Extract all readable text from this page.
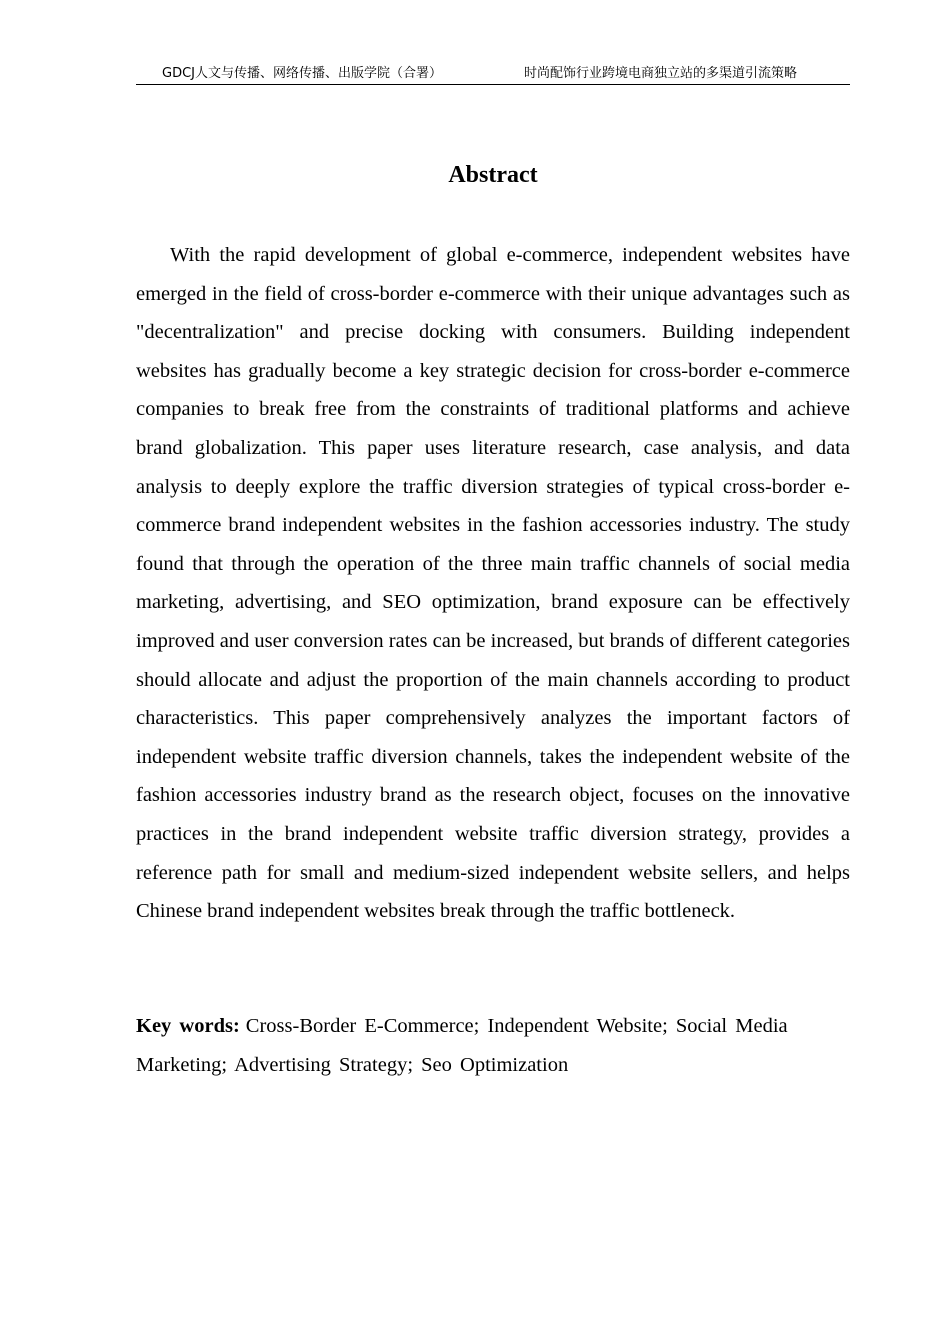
GDCJ人文与传播、网络传播、出版学院（合署）	时尚配饰行业跨境电商独立站的多渠道引流策略
Abstract

With the rapid development of global e-commerce, independent websites have emerged in the field of cross-border e-commerce with their unique advantages such as "decentralization" and precise docking with consumers. Building independent websites has gradually become a key strategic decision for cross-border e-commerce companies to break free from the constraints of traditional platforms and achieve brand globalization. This paper uses literature research, case analysis, and data analysis to deeply explore the traffic diversion strategies of typical cross-border e-commerce brand independent websites in the fashion accessories industry. The study found that through the operation of the three main traffic channels of social media marketing, advertising, and SEO optimization, brand exposure can be effectively improved and user conversion rates can be increased, but brands of different categories should allocate and adjust the proportion of the main channels according to product characteristics. This paper comprehensively analyzes the important factors of independent website traffic diversion channels, takes the independent website of the fashion accessories industry brand as the research object, focuses on the innovative practices in the brand independent website traffic diversion strategy, provides a reference path for small and medium-sized independent website sellers, and helps Chinese brand independent websites break through the traffic bottleneck.

Key words: Cross-Border E-Commerce; Independent Website; Social Media Marketing; Advertising Strategy; Seo Optimization
